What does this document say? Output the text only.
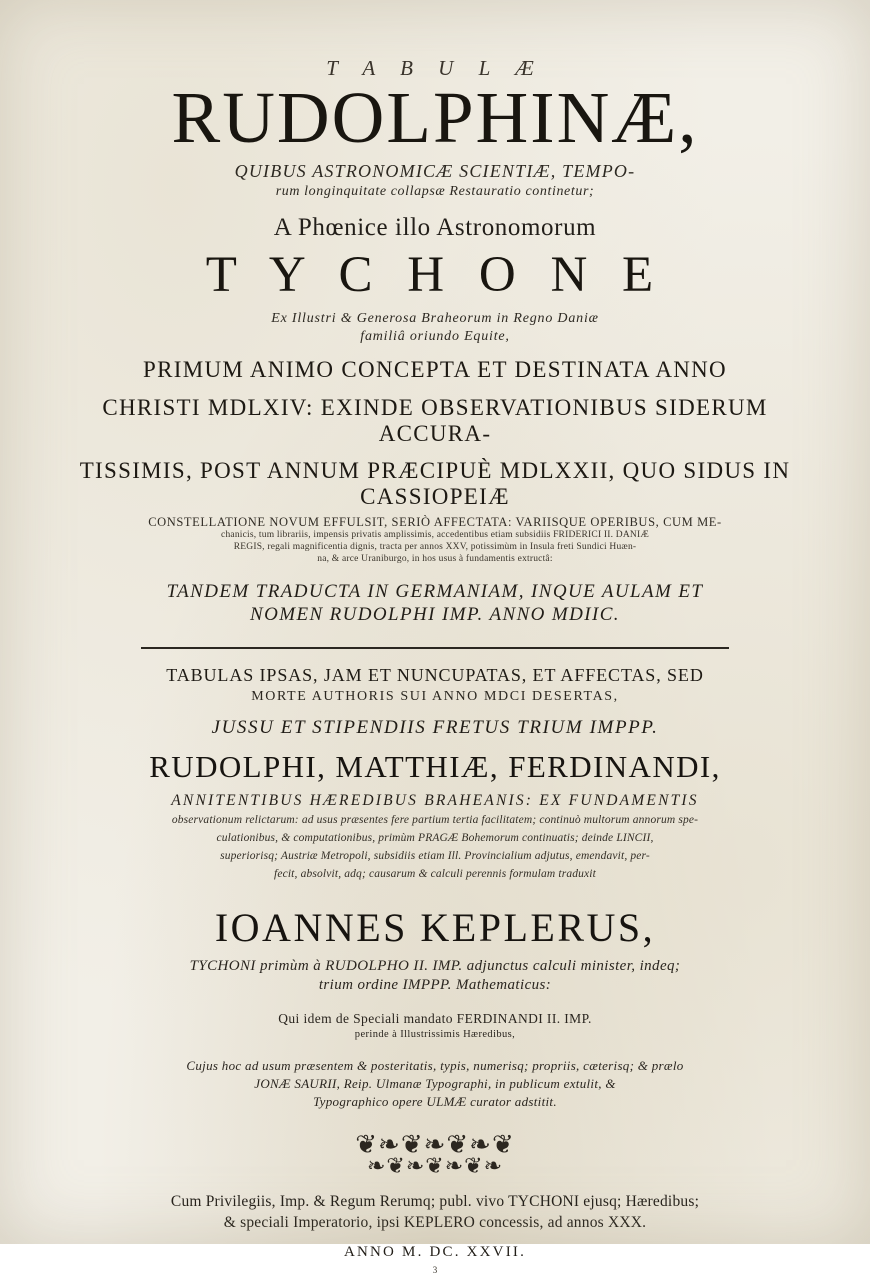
T A B U L Æ
RUDOLPHINÆ,
QUIBUS ASTRONOMICÆ SCIENTIÆ, TEMPO-
rum longinquitate collapsæ Restauratio continetur;
A Phœnice illo Astronomorum
T Y C H O N E
Ex Illustri & Generosa Braheorum in Regno Daniæ
familiâ oriundo Equite,
PRIMUM ANIMO CONCEPTA ET DESTINATA ANNO
CHRISTI MDLXIV: EXINDE OBSERVATIONIBUS SIDERUM ACCURA-
TISSIMIS, POST ANNUM PRÆCIPUÈ MDLXXII, QUO SIDUS IN CASSIOPEIÆ
CONSTELLATIONE NOVUM EFFULSIT, SERIÒ AFFECTATA: VARIISQUE OPERIBUS, CUM ME-
chanicis, tum librariis, impensis privatis amplissimis, accedentibus etiam subsidiis FRIDERICI II. DANIÆ
REGIS, regali magnificentia dignis, tracta per annos XXV, potissimùm in Insula freti Sundici Huæn-
na, & arce Uraniburgo, in hos usus à fundamentis extructâ:
TANDEM TRADUCTA IN GERMANIAM, INQUE AULAM ET
NOMEN RUDOLPHI IMP. ANNO MDIIC.
TABULAS IPSAS, JAM ET NUNCUPATAS, ET AFFECTAS, SED
MORTE AUTHORIS SUI ANNO MDCI DESERTAS,
JUSSU ET STIPENDIIS FRETUS TRIUM IMPPP.
RUDOLPHI, MATTHIÆ, FERDINANDI,
ANNITENTIBUS HÆREDIBUS BRAHEANIS: EX FUNDAMENTIS
observationum relictarum: ad usus præsentes fere partium tertia facilitatem; continuò multorum annorum spe-
culationibus, & computationibus, primùm PRAGÆ Bohemorum continuatis; deinde LINCII,
superiorisq; Austriæ Metropoli, subsidiis etiam Ill. Provincialium adjutus, emendavit, per-
fecit, absolvit, adq; causarum & calculi perennis formulam traduxit
IOANNES KEPLERUS,
TYCHONI primùm à RUDOLPHO II. IMP. adjunctus calculi minister, indeq;
trium ordine IMPPP. Mathematicus:
Qui idem de Speciali mandato FERDINANDI II. IMP.
perinde à Illustrissimis Hæredibus,
Cujus hoc ad usum præsentem & posteritatis, typis, numerisq; propriis, cæterisq; & prælo
JONÆ SAURII, Reip. Ulmanæ Typographi, in publicum extulit, &
Typographico opere ULMÆ curator adstitit.
❦❧❦❧❦❧❦
❧❦❧❦❧❦❧
Cum Privilegiis, Imp. & Regum Rerumq; publ. vivo TYCHONI ejusq; Hæredibus;
& speciali Imperatorio, ipsi KEPLERO concessis, ad annos XXX.
ANNO M. DC. XXVII.
3
